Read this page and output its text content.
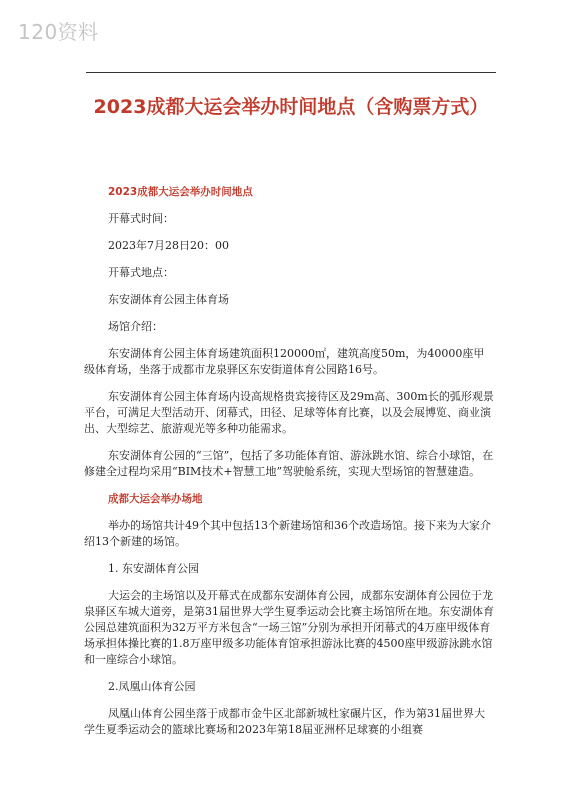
120资料
2023成都大运会举办时间地点（含购票方式）

2023成都大运会举办时间地点

开幕式时间：

2023年7月28日20：00

开幕式地点：

东安湖体育公园主体育场

场馆介绍：

东安湖体育公园主体育场建筑面积120000㎡，建筑高度50m，为40000座甲级体育场，坐落于成都市龙泉驿区东安街道体育公园路16号。

东安湖体育公园主体育场内设高规格贵宾接待区及29m高、300m长的弧形观景平台，可满足大型活动开、闭幕式，田径、足球等体育比赛，以及会展博览、商业演出、大型综艺、旅游观光等多种功能需求。

东安湖体育公园的“三馆”，包括了多功能体育馆、游泳跳水馆、综合小球馆，在修建全过程均采用“BIM技术+智慧工地”驾驶舱系统，实现大型场馆的智慧建造。

成都大运会举办场地

举办的场馆共计49个其中包括13个新建场馆和36个改造场馆。接下来为大家介绍13个新建的场馆。

1. 东安湖体育公园

大运会的主场馆以及开幕式在成都东安湖体育公园，成都东安湖体育公园位于龙泉驿区车城大道旁，是第31届世界大学生夏季运动会比赛主场馆所在地。东安湖体育公园总建筑面积为32万平方米包含“一场三馆”分别为承担开闭幕式的4万座甲级体育场承担体操比赛的1.8万座甲级多功能体育馆承担游泳比赛的4500座甲级游泳跳水馆和一座综合小球馆。

2.凤凰山体育公园

凤凰山体育公园坐落于成都市金牛区北部新城杜家碾片区，作为第31届世界大学生夏季运动会的篮球比赛场和2023年第18届亚洲杯足球赛的小组赛
